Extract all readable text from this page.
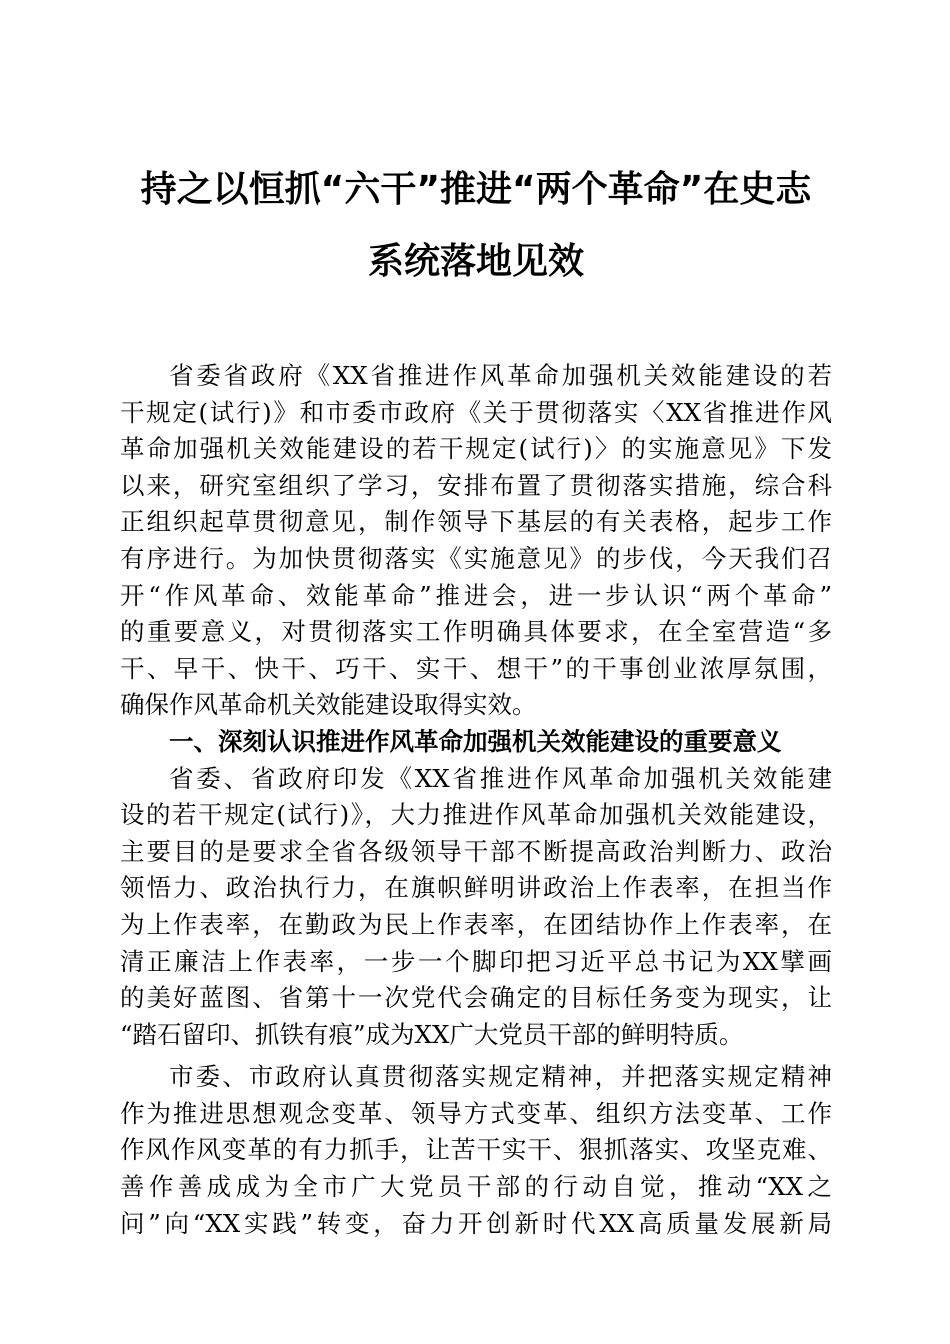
持之以恒抓“六干”推进“两个革命”在史志
系统落地见效
省委省政府《XX省推进作风革命加强机关效能建设的若
干规定(试行)》和市委市政府《关于贯彻落实〈XX省推进作风
革命加强机关效能建设的若干规定(试行)〉的实施意见》下发
以来，研究室组织了学习，安排布置了贯彻落实措施，综合科
正组织起草贯彻意见，制作领导下基层的有关表格，起步工作
有序进行。为加快贯彻落实《实施意见》的步伐，今天我们召
开“作风革命、效能革命”推进会，进一步认识“两个革命”
的重要意义，对贯彻落实工作明确具体要求，在全室营造“多
干、早干、快干、巧干、实干、想干”的干事创业浓厚氛围，
确保作风革命机关效能建设取得实效。
一、深刻认识推进作风革命加强机关效能建设的重要意义
省委、省政府印发《XX省推进作风革命加强机关效能建
设的若干规定(试行)》，大力推进作风革命加强机关效能建设，
主要目的是要求全省各级领导干部不断提高政治判断力、政治
领悟力、政治执行力，在旗帜鲜明讲政治上作表率，在担当作
为上作表率，在勤政为民上作表率，在团结协作上作表率，在
清正廉洁上作表率，一步一个脚印把习近平总书记为XX擘画
的美好蓝图、省第十一次党代会确定的目标任务变为现实，让
“踏石留印、抓铁有痕”成为XX广大党员干部的鲜明特质。
市委、市政府认真贯彻落实规定精神，并把落实规定精神
作为推进思想观念变革、领导方式变革、组织方法变革、工作
作风作风变革的有力抓手，让苦干实干、狠抓落实、攻坚克难、
善作善成成为全市广大党员干部的行动自觉，推动“XX之
问”向“XX实践”转变，奋力开创新时代XX高质量发展新局
